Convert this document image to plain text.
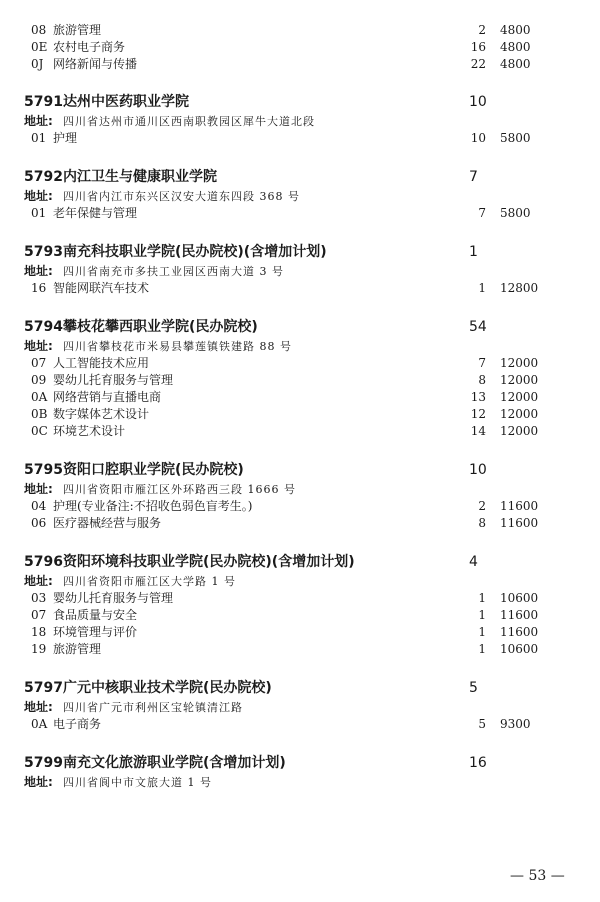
08 旅游管理	2 4800
0E 农村电子商务	16 4800
0J 网络新闻与传播	22 4800
5791 达州中医药职业学院	10
地址: 四川省达州市通川区西南职教园区犀牛大道北段
01 护理	10 5800
5792 内江卫生与健康职业学院	7
地址: 四川省内江市东兴区汉安大道东四段 368 号
01 老年保健与管理	7 5800
5793 南充科技职业学院(民办院校)(含增加计划)	1
地址: 四川省南充市多扶工业园区西南大道 3 号
16 智能网联汽车技术	1 12800
5794 攀枝花攀西职业学院(民办院校)	54
地址: 四川省攀枝花市米易县攀莲镇铁建路 88 号
07 人工智能技术应用	7 12000
09 婴幼儿托育服务与管理	8 12000
0A 网络营销与直播电商	13 12000
0B 数字媒体艺术设计	12 12000
0C 环境艺术设计	14 12000
5795 资阳口腔职业学院(民办院校)	10
地址: 四川省资阳市雁江区外环路西三段 1666 号
04 护理(专业备注:不招收色弱色盲考生。)	2 11600
06 医疗器械经营与服务	8 11600
5796 资阳环境科技职业学院(民办院校)(含增加计划)	4
地址: 四川省资阳市雁江区大学路 1 号
03 婴幼儿托育服务与管理	1 10600
07 食品质量与安全	1 11600
18 环境管理与评价	1 11600
19 旅游管理	1 10600
5797 广元中核职业技术学院(民办院校)	5
地址: 四川省广元市利州区宝轮镇清江路
0A 电子商务	5 9300
5799 南充文化旅游职业学院(含增加计划)	16
地址: 四川省阆中市文旅大道 1 号
— 53 —
